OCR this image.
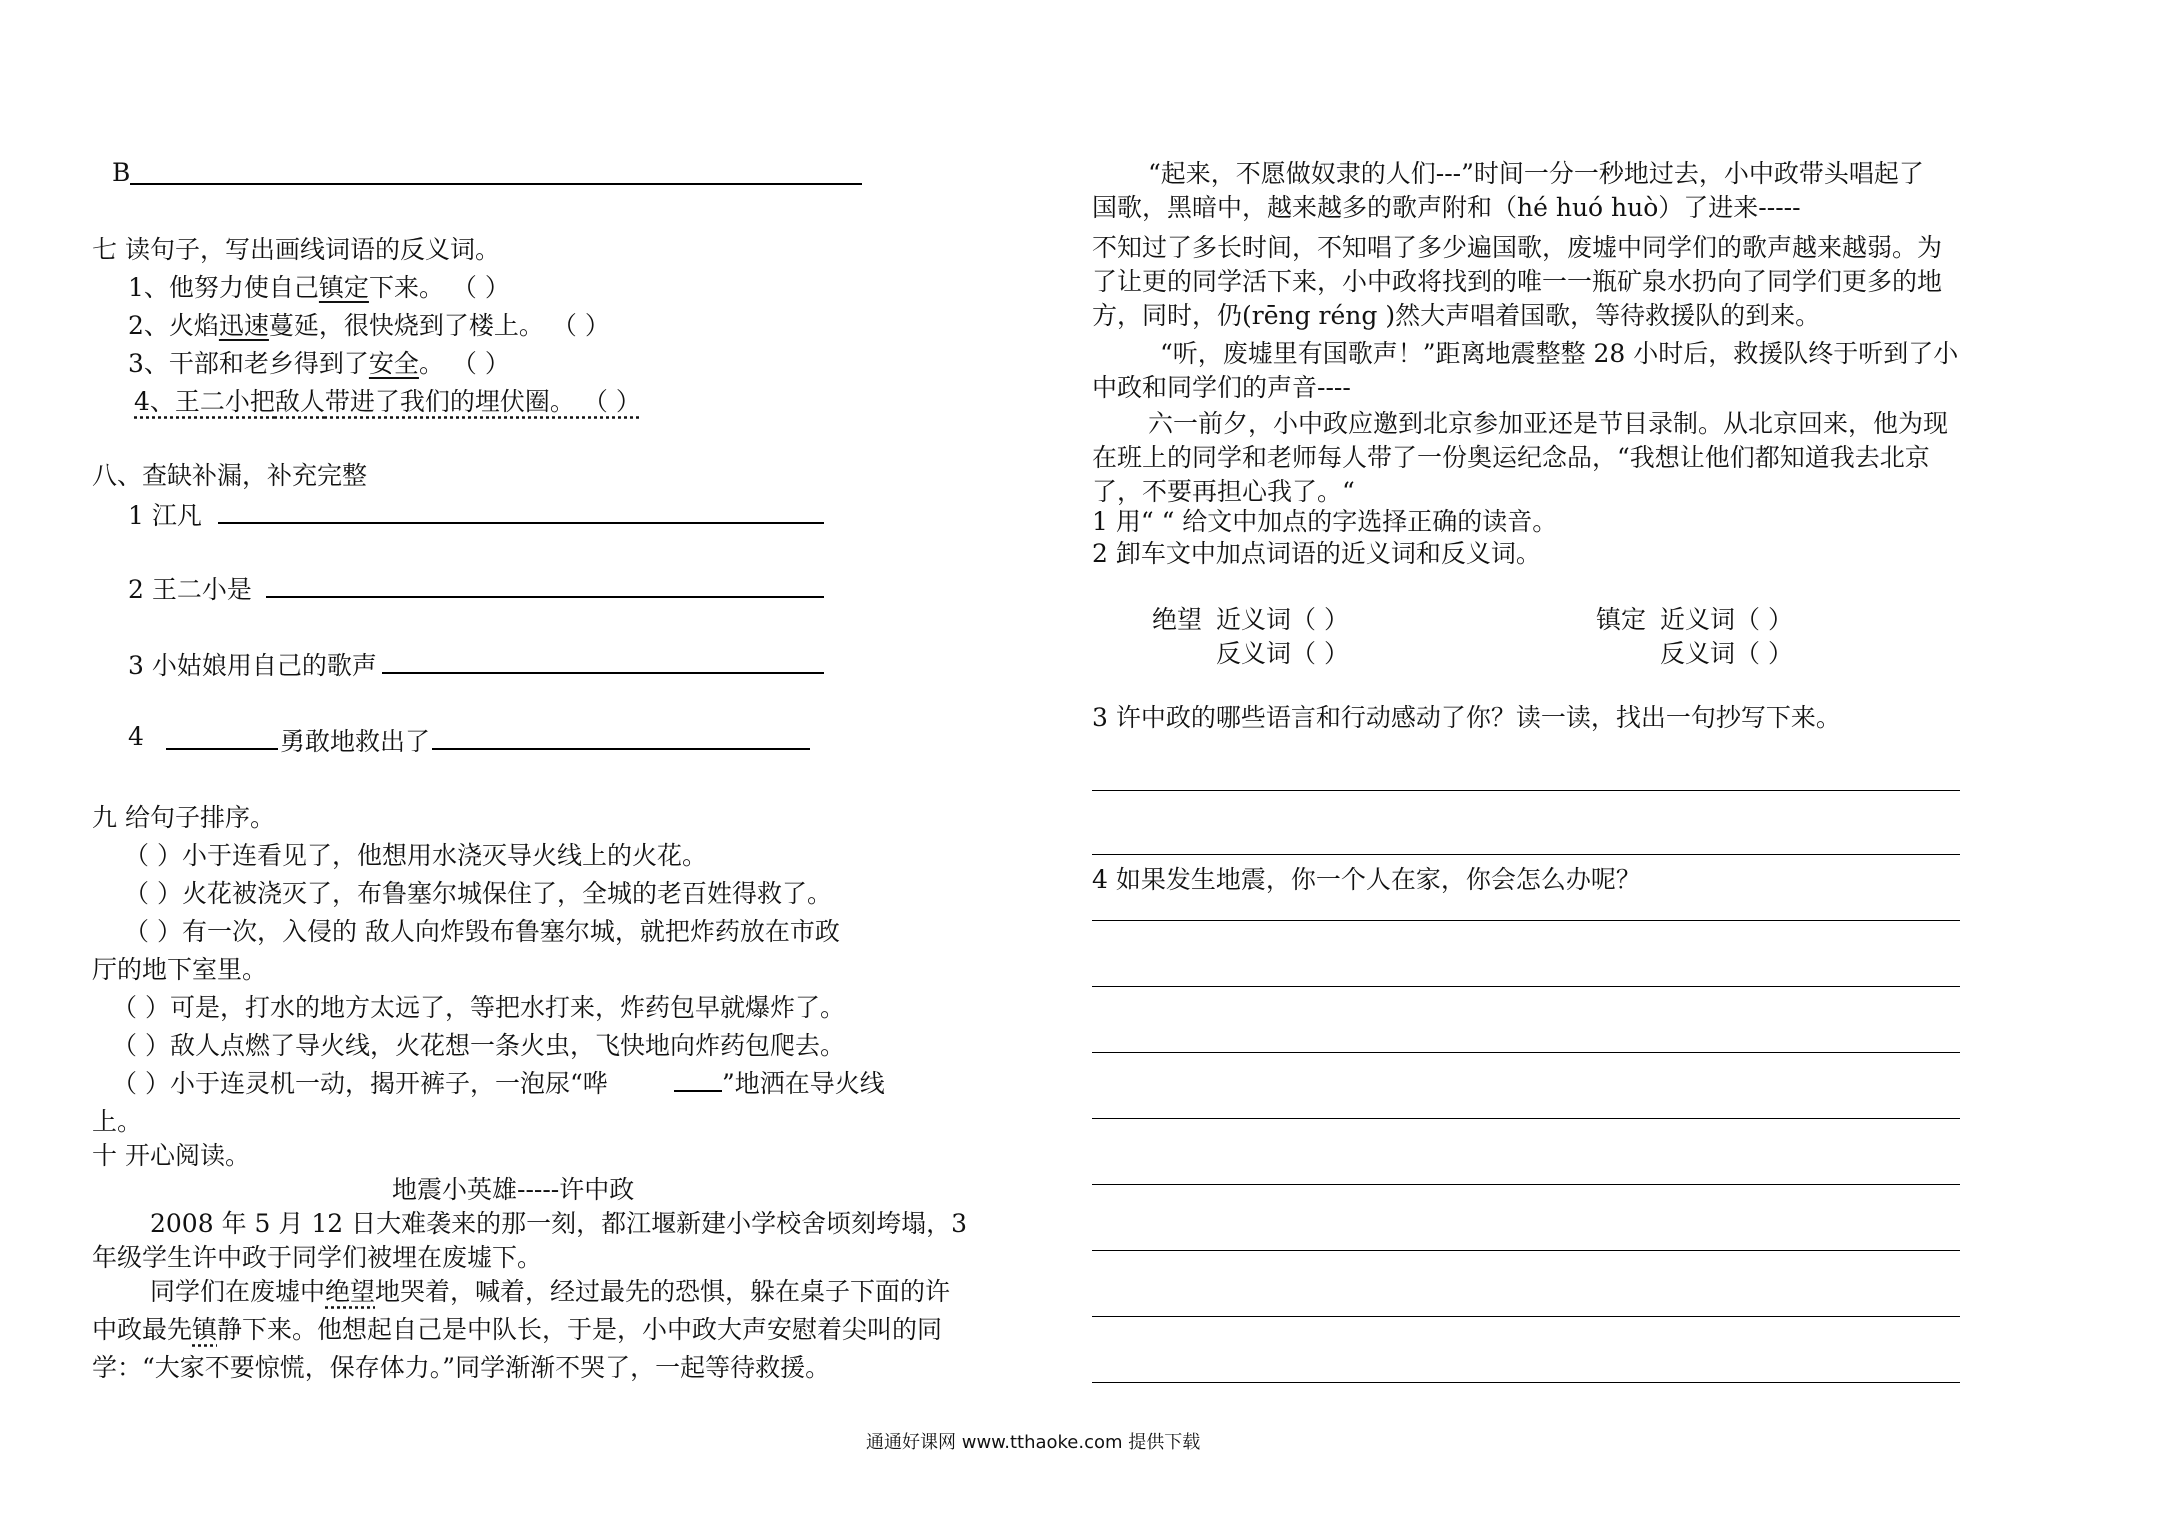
B
七 读句子，写出画线词语的反义词。
1、他努力使自己镇定下来。 （ ）
2、火焰迅速蔓延，很快烧到了楼上。 （ ）
3、干部和老乡得到了安全。 （ ）
4、王二小把敌人带进了我们的埋伏圈。 （ ）
八、查缺补漏，补充完整
1 江凡
2 王二小是
3 小姑娘用自己的歌声
4	勇敢地救出了
九 给句子排序。
（ ）小于连看见了，他想用水浇灭导火线上的火花。
（ ）火花被浇灭了，布鲁塞尔城保住了，全城的老百姓得救了。
（ ）有一次，入侵的 敌人向炸毁布鲁塞尔城，就把炸药放在市政
厅的地下室里。
（ ）可是，打水的地方太远了，等把水打来，炸药包早就爆炸了。
（ ）敌人点燃了导火线，火花想一条火虫，飞快地向炸药包爬去。
（ ）小于连灵机一动，揭开裤子，一泡尿“哗	”地洒在导火线
上。
十 开心阅读。
地震小英雄-----许中政
2008 年 5 月 12 日大难袭来的那一刻，都江堰新建小学校舍顷刻垮塌，3
年级学生许中政于同学们被埋在废墟下。
同学们在废墟中绝望地哭着，喊着，经过最先的恐惧，躲在桌子下面的许
中政最先镇静下来。他想起自己是中队长，于是，小中政大声安慰着尖叫的同
学：“大家不要惊慌，保存体力。”同学渐渐不哭了，一起等待救援。
“起来，不愿做奴隶的人们---”时间一分一秒地过去，小中政带头唱起了
国歌，黑暗中，越来越多的歌声附和（hé huó huò）了进来-----
不知过了多长时间，不知唱了多少遍国歌，废墟中同学们的歌声越来越弱。为
了让更的同学活下来，小中政将找到的唯一一瓶矿泉水扔向了同学们更多的地
方，同时，仍(rēng réng )然大声唱着国歌，等待救援队的到来。
“听，废墟里有国歌声！”距离地震整整 28 小时后，救援队终于听到了小
中政和同学们的声音----
六一前夕，小中政应邀到北京参加亚还是节目录制。从北京回来，他为现
在班上的同学和老师每人带了一份奥运纪念品，“我想让他们都知道我去北京
了，不要再担心我了。“
1 用“ “ 给文中加点的字选择正确的读音。
2 卸车文中加点词语的近义词和反义词。
绝望 近义词（ ）
反义词（ ）
镇定 近义词（ ）
反义词（ ）
3 许中政的哪些语言和行动感动了你？读一读，找出一句抄写下来。
4 如果发生地震，你一个人在家，你会怎么办呢？
通通好课网 www.tthaoke.com 提供下载
